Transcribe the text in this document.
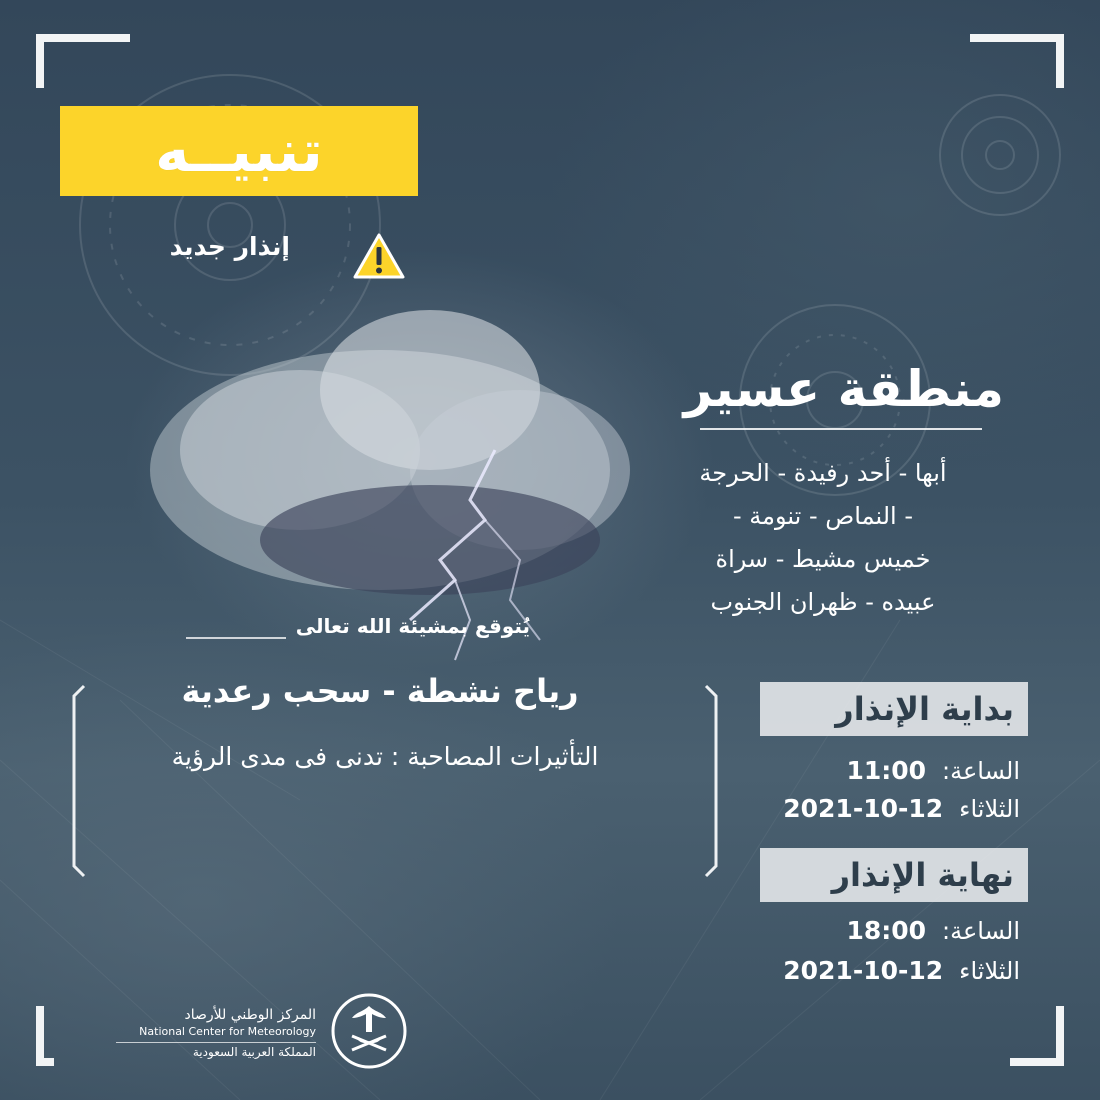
تنبيــه
إنذار جديد
منطقة عسير
أبها - أحد رفيدة - الحرجة
- النماص - تنومة -
خميس مشيط - سراة
عبيده - ظهران الجنوب
يُتوقع بمشيئة الله تعالى
رياح نشطة - سحب رعدية
التأثيرات المصاحبة : تدنى فى مدى الرؤية
بداية الإنذار
الساعة:
11:00
الثلاثاء
2021-10-12
نهاية الإنذار
الساعة:
18:00
الثلاثاء
2021-10-12
المركز الوطني للأرصاد
National Center for Meteorology
المملكة العربية السعودية
